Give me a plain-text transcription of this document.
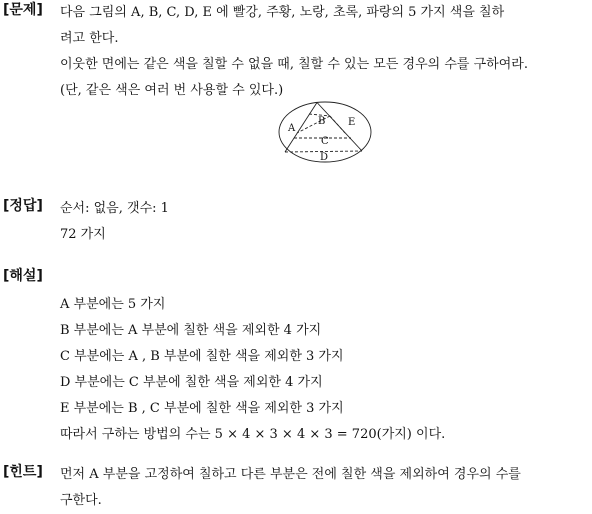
[문제] 다음 그림의 A, B, C, D, E 에 빨강, 주황, 노랑, 초록, 파랑의 5 가지 색을 칠하
려고 한다.
이웃한 면에는 같은 색을 칠할 수 없을 때, 칠할 수 있는 모든 경우의 수를 구하여라.
(단, 같은 색은 여러 번 사용할 수 있다.)
A
B E
C
D
[정답] 순서: 없음, 갯수: 1
72 가지
[해설]
A 부분에는 5 가지
B 부분에는 A 부분에 칠한 색을 제외한 4 가지
C 부분에는 A , B 부분에 칠한 색을 제외한 3 가지
D 부분에는 C 부분에 칠한 색을 제외한 4 가지
E 부분에는 B , C 부분에 칠한 색을 제외한 3 가지
따라서 구하는 방법의 수는 5 × 4 × 3 × 4 × 3 = 720(가지) 이다.
[힌트] 먼저 A 부분을 고정하여 칠하고 다른 부분은 전에 칠한 색을 제외하여 경우의 수를
구한다.
